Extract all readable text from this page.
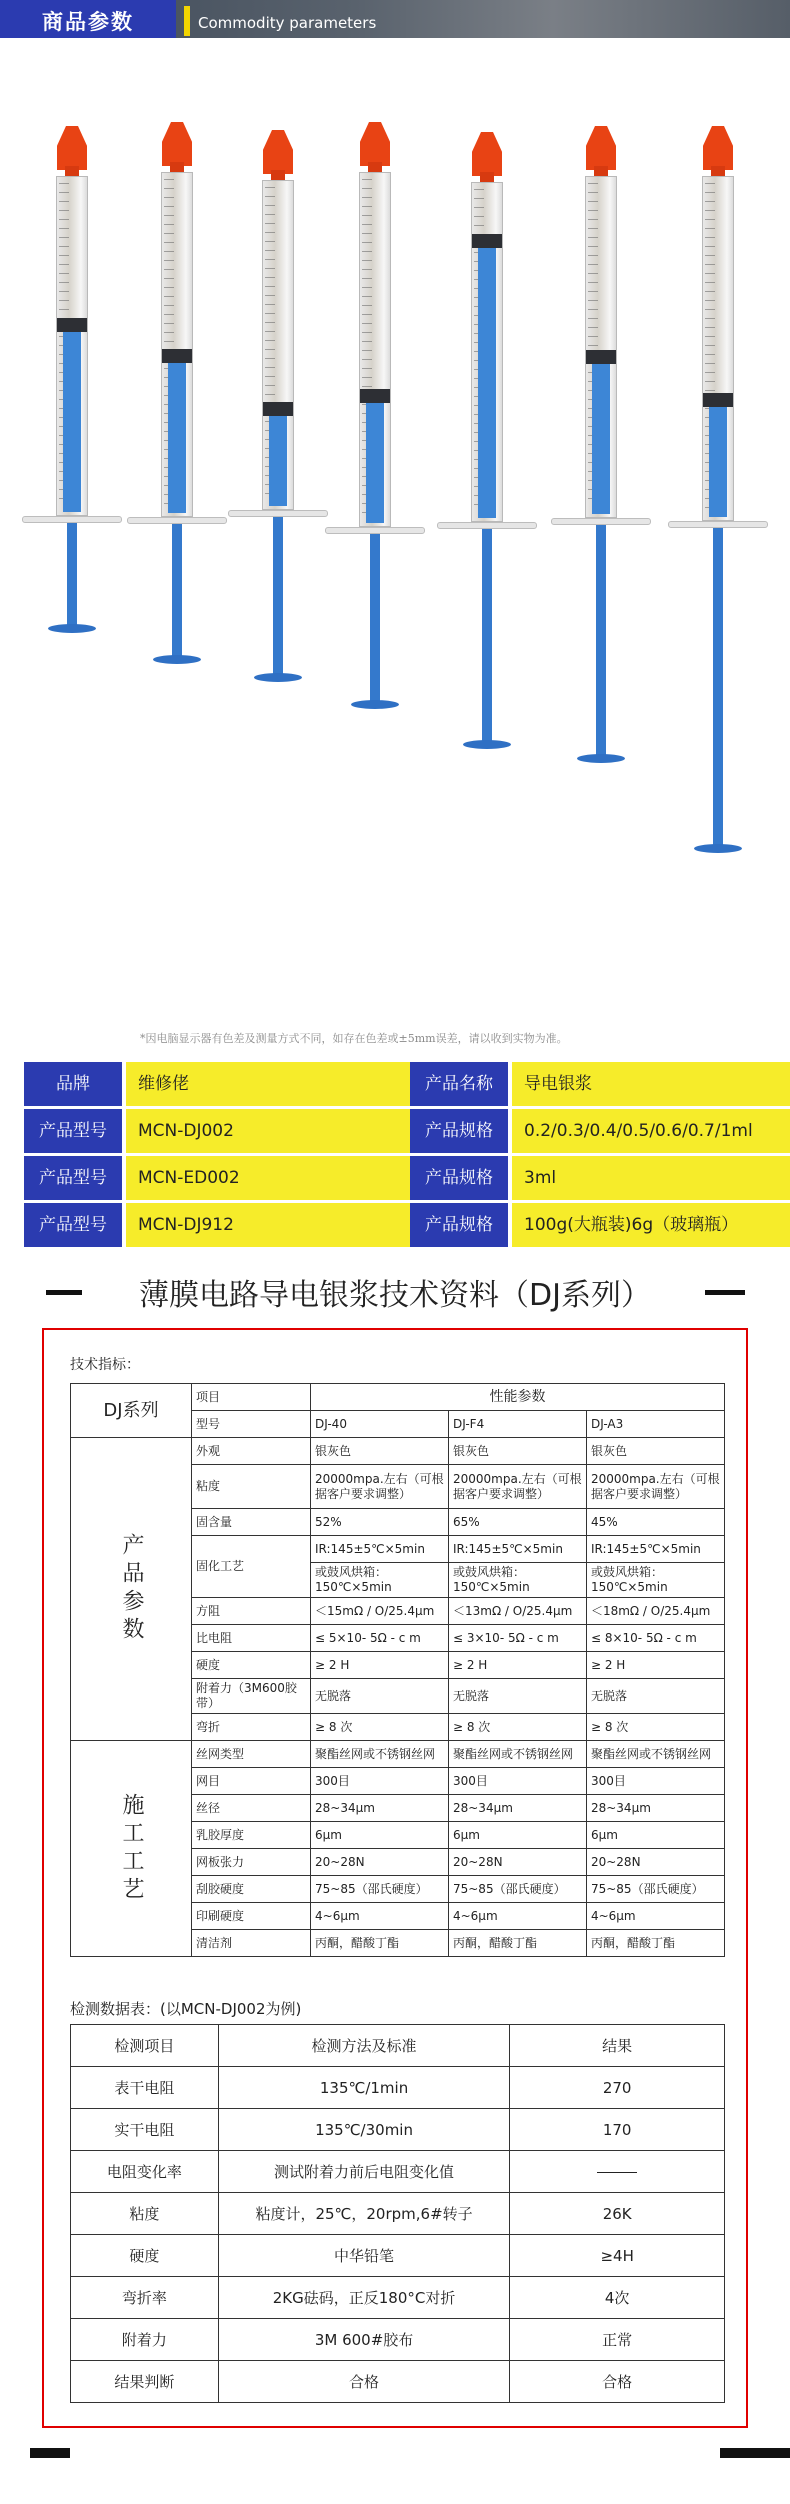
商品参数	Commodity parameters
*因电脑显示器有色差及测量方式不同，如存在色差或±5mm误差，请以收到实物为准。
品牌	维修佬	产品名称	导电银浆
产品型号	MCN-DJ002	产品规格	0.2/0.3/0.4/0.5/0.6/0.7/1ml
产品型号	MCN-ED002	产品规格	3ml
产品型号	MCN-DJ912	产品规格	100g(大瓶装)6g（玻璃瓶）
薄膜电路导电银浆技术资料（DJ系列）
技术指标：
DJ系列	项目	性能参数		
	型号	DJ-40	DJ-F4	DJ-A3
产品参数	外观	银灰色	银灰色	银灰色
	粘度	20000mpa.左右（可根据客户要求调整）	20000mpa.左右（可根据客户要求调整）	20000mpa.左右（可根据客户要求调整）
	固含量	52%	65%	45%
	固化工艺	IR:145±5℃×5min	IR:145±5℃×5min	IR:145±5℃×5min
		或鼓风烘箱：150℃×5min	或鼓风烘箱：150℃×5min	或鼓风烘箱：150℃×5min
	方阻	＜15mΩ / O/25.4μm	＜13mΩ / O/25.4μm	＜18mΩ / O/25.4μm
	比电阻	≤ 5×10- 5Ω - c m	≤ 3×10- 5Ω - c m	≤ 8×10- 5Ω - c m
	硬度	≥ 2 H	≥ 2 H	≥ 2 H
	附着力（3M600胶带）	无脱落	无脱落	无脱落
	弯折	≥ 8 次	≥ 8 次	≥ 8 次
施工工艺	丝网类型	聚酯丝网或不锈钢丝网	聚酯丝网或不锈钢丝网	聚酯丝网或不锈钢丝网
	网目	300目	300目	300目
	丝径	28~34μm	28~34μm	28~34μm
	乳胶厚度	6μm	6μm	6μm
	网板张力	20~28N	20~28N	20~28N
	刮胶硬度	75~85（邵氏硬度）	75~85（邵氏硬度）	75~85（邵氏硬度）
	印刷硬度	4~6μm	4~6μm	4~6μm
	清洁剂	丙酮，醋酸丁酯	丙酮，醋酸丁酯	丙酮，醋酸丁酯
检测数据表：(以MCN-DJ002为例)
检测项目	检测方法及标准	结果
表干电阻	135℃/1min	270
实干电阻	135℃/30min	170
电阻变化率	测试附着力前后电阻变化值	
粘度	粘度计，25℃，20rpm,6#转子	26K
硬度	中华铅笔	≥4H
弯折率	2KG砝码，正反180°C对折	4次
附着力	3M 600#胶布	正常
结果判断	合格	合格
